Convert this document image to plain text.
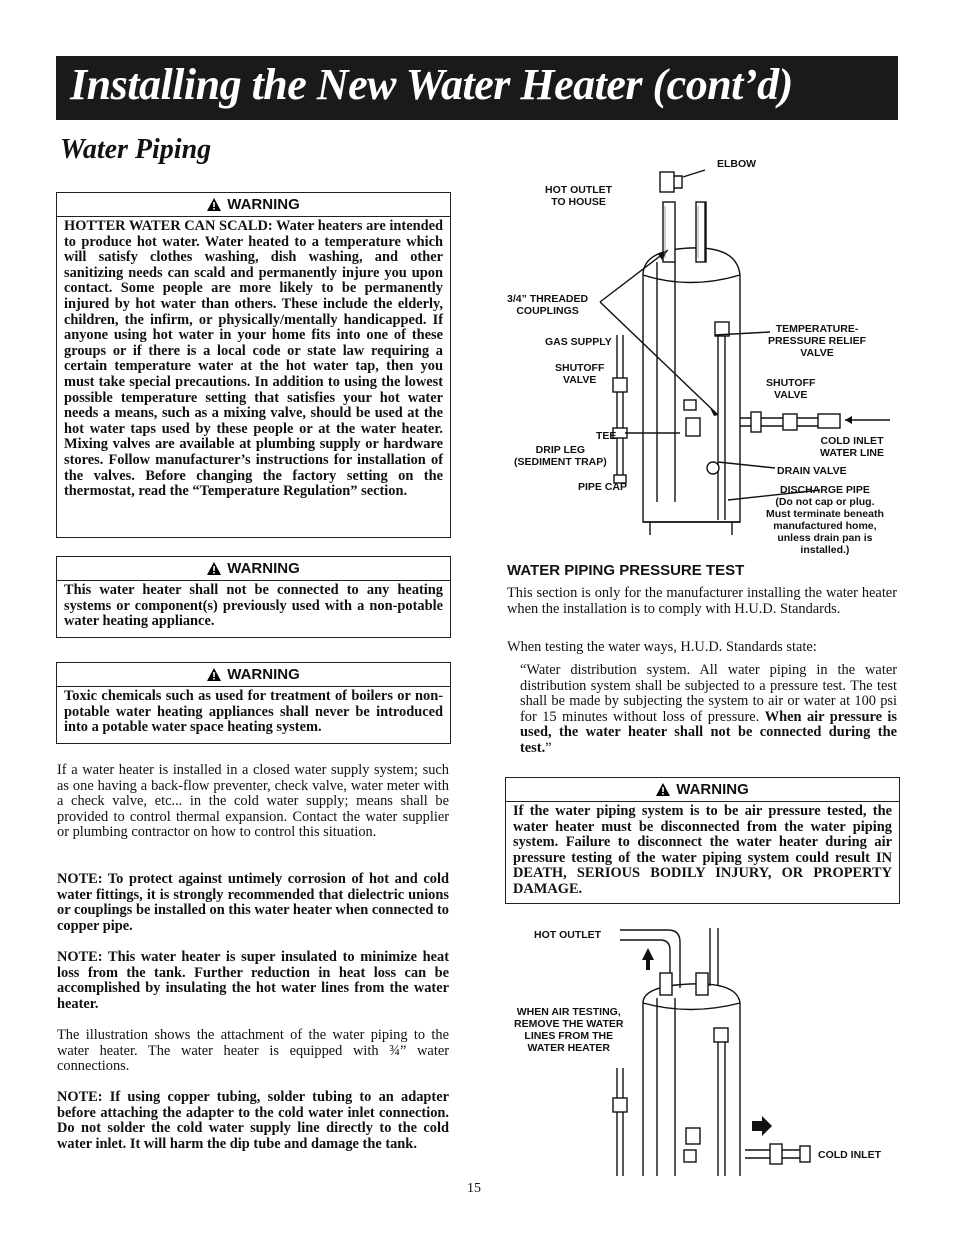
Installing the New Water Heater (cont’d)
Water Piping
WARNING
HOTTER WATER CAN SCALD: Water heaters are intended to produce hot water. Water heated to a temperature which will satisfy clothes washing, dish washing, and other sanitizing needs can scald and permanently injure you upon contact. Some people are more likely to be permanently injured by hot water than others. These include the elderly, children, the infirm, or physically/mentally handicapped. If anyone using hot water in your home fits into one of these groups or if there is a local code or state law requiring a certain temperature water at the hot water tap, then you must take special precautions. In addition to using the lowest possible temperature setting that satisfies your hot water needs a means, such as a mixing valve, should be used at the hot water taps used by these people or at the water heater. Mixing valves are available at plumbing supply or hardware stores. Follow manufacturer’s instructions for installation of the valves. Before changing the factory setting on the thermostat, read the “Temperature Regulation” section.
WARNING
This water heater shall not be connected to any heating systems or component(s) previously used with a non-potable water heating appliance.
WARNING
Toxic chemicals such as used for treatment of boilers or non-potable water heating appliances shall never be introduced into a potable water space heating system.

If a water heater is installed in a closed water supply system; such as one having a back-flow preventer, check valve, water meter with a check valve, etc... in the cold water supply; means shall be provided to control thermal expansion. Contact the water supplier or plumbing contractor on how to control this situation.

NOTE: To protect against untimely corrosion of hot and cold water fittings, it is strongly recommended that dielectric unions or couplings be installed on this water heater when connected to copper pipe.

NOTE: This water heater is super insulated to minimize heat loss from the tank. Further reduction in heat loss can be accomplished by insulating the hot water lines from the water heater.

The illustration shows the attachment of the water piping to the water heater. The water heater is equipped with ¾” water connections.

NOTE: If using copper tubing, solder tubing to an adapter before attaching the adapter to the cold water inlet connection. Do not solder the cold water supply line directly to the cold water inlet. It will harm the dip tube and damage the tank.

ELBOW
HOT OUTLET
TO HOUSE
3/4” THREADED
COUPLINGS
GAS SUPPLY
SHUTOFF
VALVE
TEE
DRIP LEG
(SEDIMENT TRAP)
PIPE CAP
TEMPERATURE-
PRESSURE RELIEF
VALVE
SHUTOFF
VALVE
COLD INLET
WATER LINE
DRAIN VALVE
DISCHARGE PIPE
(Do not cap or plug.
Must terminate beneath
manufactured home,
unless drain pan is
installed.)
WATER PIPING PRESSURE TEST

This section is only for the manufacturer installing the water heater when the installation is to comply with H.U.D. Standards.

When testing the water ways, H.U.D. Standards state:

“Water distribution system. All water piping in the water distribution system shall be subjected to a pressure test. The test shall be made by subjecting the system to air or water at 100 psi for 15 minutes without loss of pressure. When air pressure is used, the water heater shall not be connected during the test.”

WARNING
If the water piping system is to be air pressure tested, the water heater must be disconnected from the water piping system. Failure to disconnect the water heater during air pressure testing of the water piping system could result IN DEATH, SERIOUS BODILY INJURY, OR PROPERTY DAMAGE.
HOT OUTLET
WHEN AIR TESTING,
REMOVE THE WATER
LINES FROM THE
WATER HEATER
COLD INLET
15
